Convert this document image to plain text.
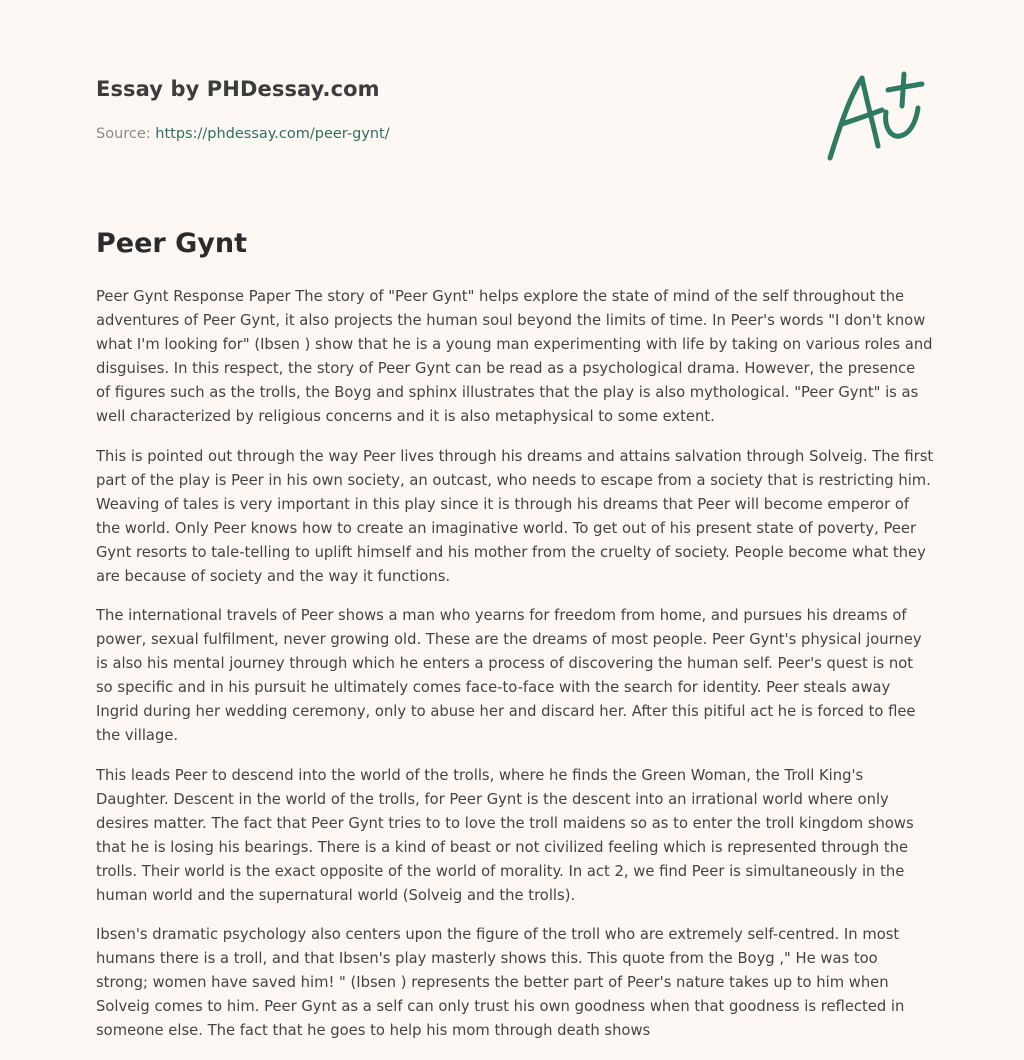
Essay by PHDessay.com
Source: https://phdessay.com/peer-gynt/
Peer Gynt

Peer Gynt Response Paper The story of "Peer Gynt" helps explore the state of mind of the self throughout the adventures of Peer Gynt, it also projects the human soul beyond the limits of time. In Peer's words "I don't know what I'm looking for" (Ibsen ) show that he is a young man experimenting with life by taking on various roles and disguises. In this respect, the story of Peer Gynt can be read as a psychological drama. However, the presence of figures such as the trolls, the Boyg and sphinx illustrates that the play is also mythological. "Peer Gynt" is as well characterized by religious concerns and it is also metaphysical to some extent.

This is pointed out through the way Peer lives through his dreams and attains salvation through Solveig. The first part of the play is Peer in his own society, an outcast, who needs to escape from a society that is restricting him. Weaving of tales is very important in this play since it is through his dreams that Peer will become emperor of the world. Only Peer knows how to create an imaginative world. To get out of his present state of poverty, Peer Gynt resorts to tale-telling to uplift himself and his mother from the cruelty of society. People become what they are because of society and the way it functions.

The international travels of Peer shows a man who yearns for freedom from home, and pursues his dreams of power, sexual fulfilment, never growing old. These are the dreams of most people. Peer Gynt's physical journey is also his mental journey through which he enters a process of discovering the human self. Peer's quest is not so specific and in his pursuit he ultimately comes face-to-face with the search for identity. Peer steals away Ingrid during her wedding ceremony, only to abuse her and discard her. After this pitiful act he is forced to flee the village.

This leads Peer to descend into the world of the trolls, where he finds the Green Woman, the Troll King's Daughter. Descent in the world of the trolls, for Peer Gynt is the descent into an irrational world where only desires matter. The fact that Peer Gynt tries to to love the troll maidens so as to enter the troll kingdom shows that he is losing his bearings. There is a kind of beast or not civilized feeling which is represented through the trolls. Their world is the exact opposite of the world of morality. In act 2, we find Peer is simultaneously in the human world and the supernatural world (Solveig and the trolls).

Ibsen's dramatic psychology also centers upon the figure of the troll who are extremely self-centred. In most humans there is a troll, and that Ibsen's play masterly shows this. This quote from the Boyg ," He was too strong; women have saved him! " (Ibsen ) represents the better part of Peer's nature takes up to him when Solveig comes to him. Peer Gynt as a self can only trust his own goodness when that goodness is reflected in someone else. The fact that he goes to help his mom through death shows
